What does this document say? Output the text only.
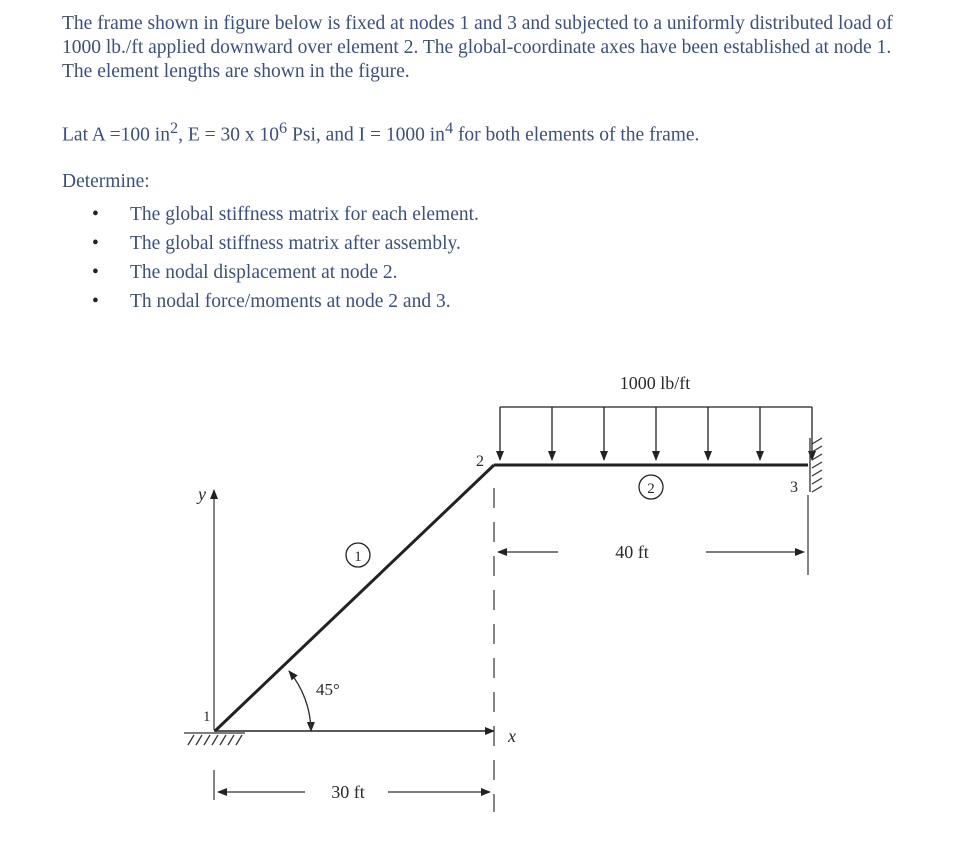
The frame shown in figure below is fixed at nodes 1 and 3 and subjected to a uniformly distributed load of 1000 lb./ft applied downward over element 2. The global-coordinate axes have been established at node 1. The element lengths are shown in the figure.

Lat A =100 $in^2$, E = 30 x $10^6$ Psi, and I = 1000 $in^4$ for both elements of the frame.

Determine:

• The global stiffness matrix for each element.
• The global stiffness matrix after assembly.
• The nodal displacement at node 2.
• Th nodal force/moments at node 2 and 3.
y
x
1
1
45°
2
2
3
1000 lb/ft
40 ft
30 ft
